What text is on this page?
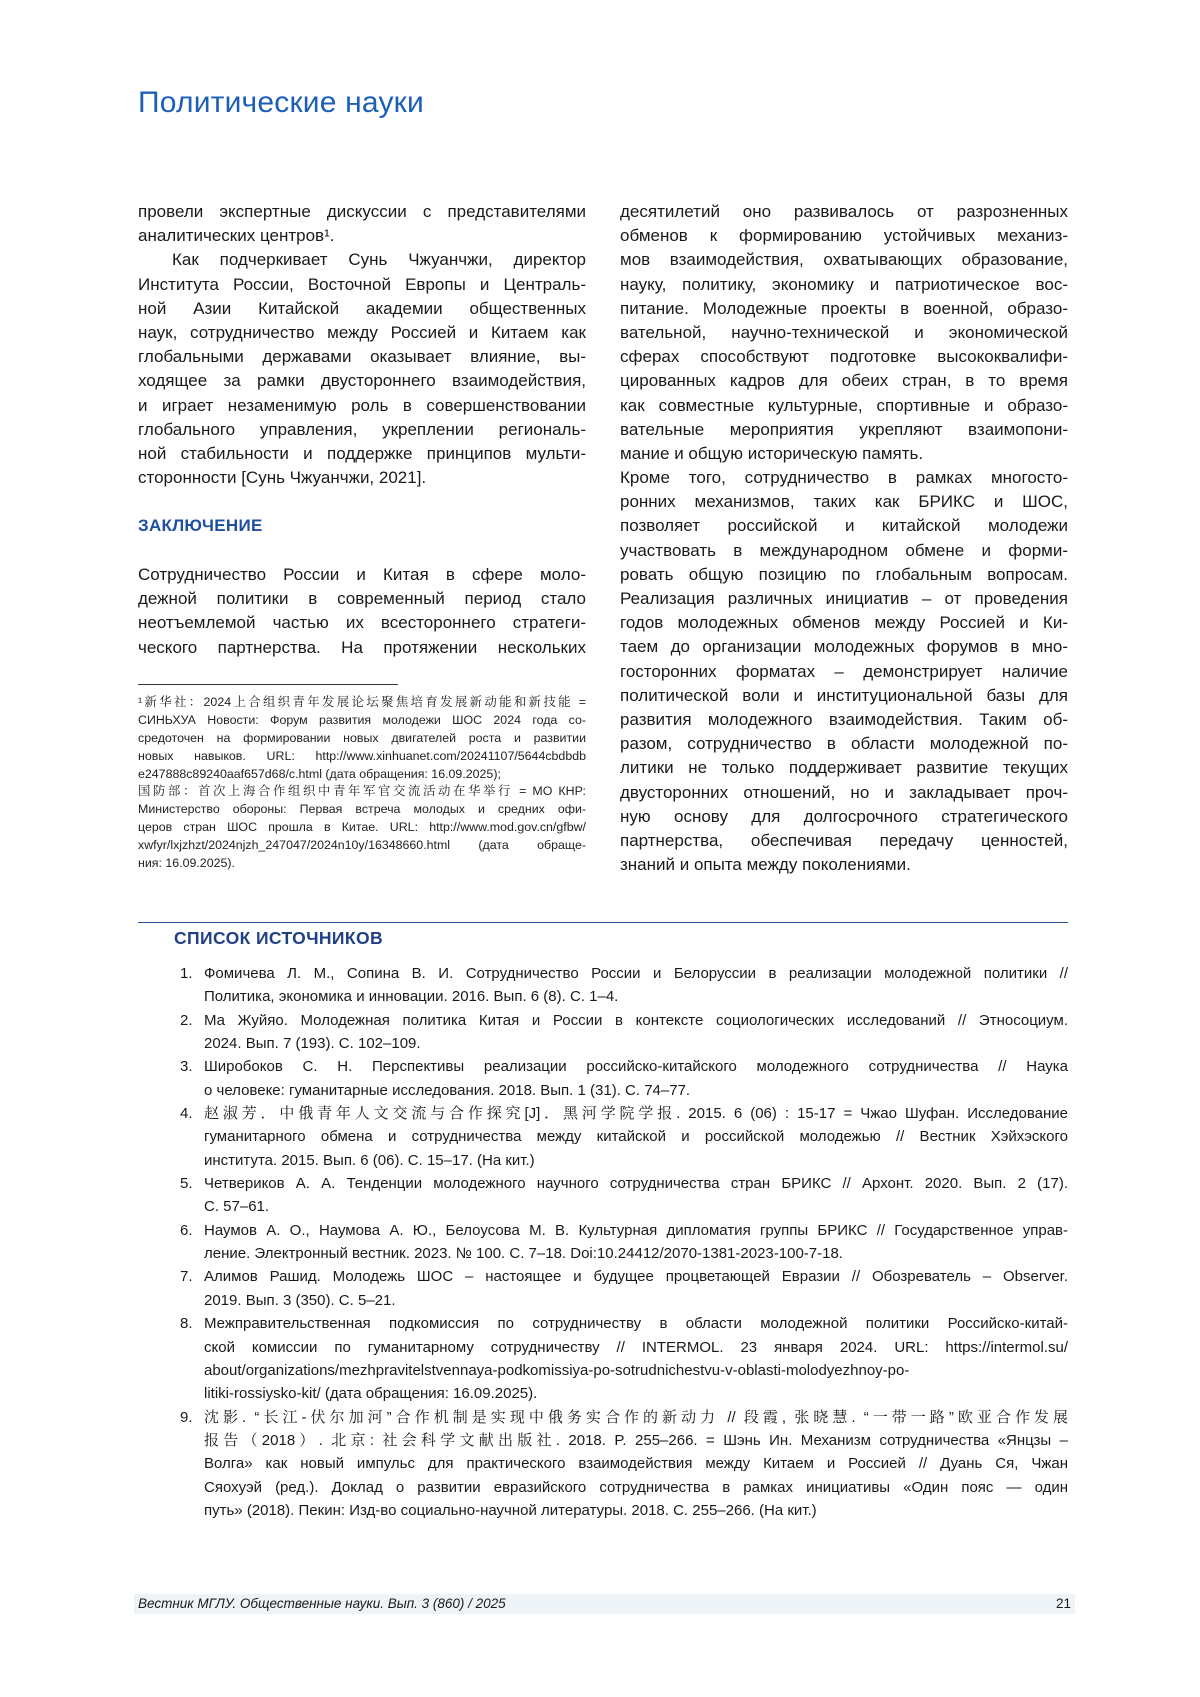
Политические науки
провели экспертные дискуссии с представителями
аналитических центров¹.
Как подчеркивает Сунь Чжуанчжи, директор
Института России, Восточной Европы и Централь-
ной Азии Китайской академии общественных
наук, сотрудничество между Россией и Китаем как
глобальными державами оказывает влияние, вы-
ходящее за рамки двустороннего взаимодействия,
и играет незаменимую роль в совершенствовании
глобального управления, укреплении региональ-
ной стабильности и поддержке принципов мульти-
сторонности [Сунь Чжуанчжи, 2021].
ЗАКЛЮЧЕНИЕ
Сотрудничество России и Китая в сфере моло-
дежной политики в современный период стало
неотъемлемой частью их всестороннего стратеги-
ческого партнерства. На протяжении нескольких
¹新华社：2024上合组织青年发展论坛聚焦培育发展新动能和新技能 =
СИНЬХУА Новости: Форум развития молодежи ШОС 2024 года со-
средоточен на формировании новых двигателей роста и развитии
новых навыков. URL: http://www.xinhuanet.com/20241107/5644cbdbdb
e247888c89240aaf657d68/c.html (дата обращения: 16.09.2025);
国防部：首次上海合作组织中青年军官交流活动在华举行 = МО КНР:
Министерство обороны: Первая встреча молодых и средних офи-
церов стран ШОС прошла в Китае. URL: http://www.mod.gov.cn/gfbw/
xwfyr/lxjzhzt/2024njzh_247047/2024n10y/16348660.html (дата обраще-
ния: 16.09.2025).
десятилетий оно развивалось от разрозненных
обменов к формированию устойчивых механиз-
мов взаимодействия, охватывающих образование,
науку, политику, экономику и патриотическое вос-
питание. Молодежные проекты в военной, образо-
вательной, научно-технической и экономической
сферах способствуют подготовке высококвалифи-
цированных кадров для обеих стран, в то время
как совместные культурные, спортивные и образо-
вательные мероприятия укрепляют взаимопони-
мание и общую историческую память.
Кроме того, сотрудничество в рамках многосто-
ронних механизмов, таких как БРИКС и ШОС,
позволяет российской и китайской молодежи
участвовать в международном обмене и форми-
ровать общую позицию по глобальным вопросам.
Реализация различных инициатив – от проведения
годов молодежных обменов между Россией и Ки-
таем до организации молодежных форумов в мно-
госторонних форматах – демонстрирует наличие
политической воли и институциональной базы для
развития молодежного взаимодействия. Таким об-
разом, сотрудничество в области молодежной по-
литики не только поддерживает развитие текущих
двусторонних отношений, но и закладывает проч-
ную основу для долгосрочного стратегического
партнерства, обеспечивая передачу ценностей,
знаний и опыта между поколениями.
СПИСОК ИСТОЧНИКОВ
1. Фомичева Л. М., Сопина В. И. Сотрудничество России и Белоруссии в реализации молодежной политики //
Политика, экономика и инновации. 2016. Вып. 6 (8). С. 1–4.
2. Ма Жуйяо. Молодежная политика Китая и России в контексте социологических исследований // Этносоциум.
2024. Вып. 7 (193). С. 102–109.
3. Широбоков С. Н. Перспективы реализации российско-китайского молодежного сотрудничества // Наука
о человеке: гуманитарные исследования. 2018. Вып. 1 (31). С. 74–77.
4. 赵淑芳．中俄青年人文交流与合作探究[J]．黑河学院学报. 2015. 6 (06) : 15-17 = Чжао Шуфан. Исследование
гуманитарного обмена и сотрудничества между китайской и российской молодежью // Вестник Хэйхэского
института. 2015. Вып. 6 (06). С. 15–17. (На кит.)
5. Четвериков А. А. Тенденции молодежного научного сотрудничества стран БРИКС // Архонт. 2020. Вып. 2 (17).
С. 57–61.
6. Наумов А. О., Наумова А. Ю., Белоусова М. В. Культурная дипломатия группы БРИКС // Государственное управ-
ление. Электронный вестник. 2023. № 100. С. 7–18. Doi:10.24412/2070-1381-2023-100-7-18.
7. Алимов Рашид. Молодежь ШОС – настоящее и будущее процветающей Евразии // Обозреватель – Observer.
2019. Вып. 3 (350). С. 5–21.
8. Межправительственная подкомиссия по сотрудничеству в области молодежной политики Российско-китай-
ской комиссии по гуманитарному сотрудничеству // INTERMOL. 23 января 2024. URL: https://intermol.su/
about/organizations/mezhpravitelstvennaya-podkomissiya-po-sotrudnichestvu-v-oblasti-molodyezhnoy-po-
litiki-rossiysko-kit/ (дата обращения: 16.09.2025).
9. 沈影. “长江-伏尔加河”合作机制是实现中俄务实合作的新动力 // 段霞, 张晓慧. “一带一路”欧亚合作发展
报告（2018）. 北京: 社会科学文献出版社. 2018. P. 255–266. = Шэнь Ин. Механизм сотрудничества «Янцзы –
Волга» как новый импульс для практического взаимодействия между Китаем и Россией // Дуань Ся, Чжан
Сяохуэй (ред.). Доклад о развитии евразийского сотрудничества в рамках инициативы «Один пояс — один
путь» (2018). Пекин: Изд-во социально-научной литературы. 2018. С. 255–266. (На кит.)
Вестник МГЛУ. Общественные науки. Вып. 3 (860) / 2025	21
